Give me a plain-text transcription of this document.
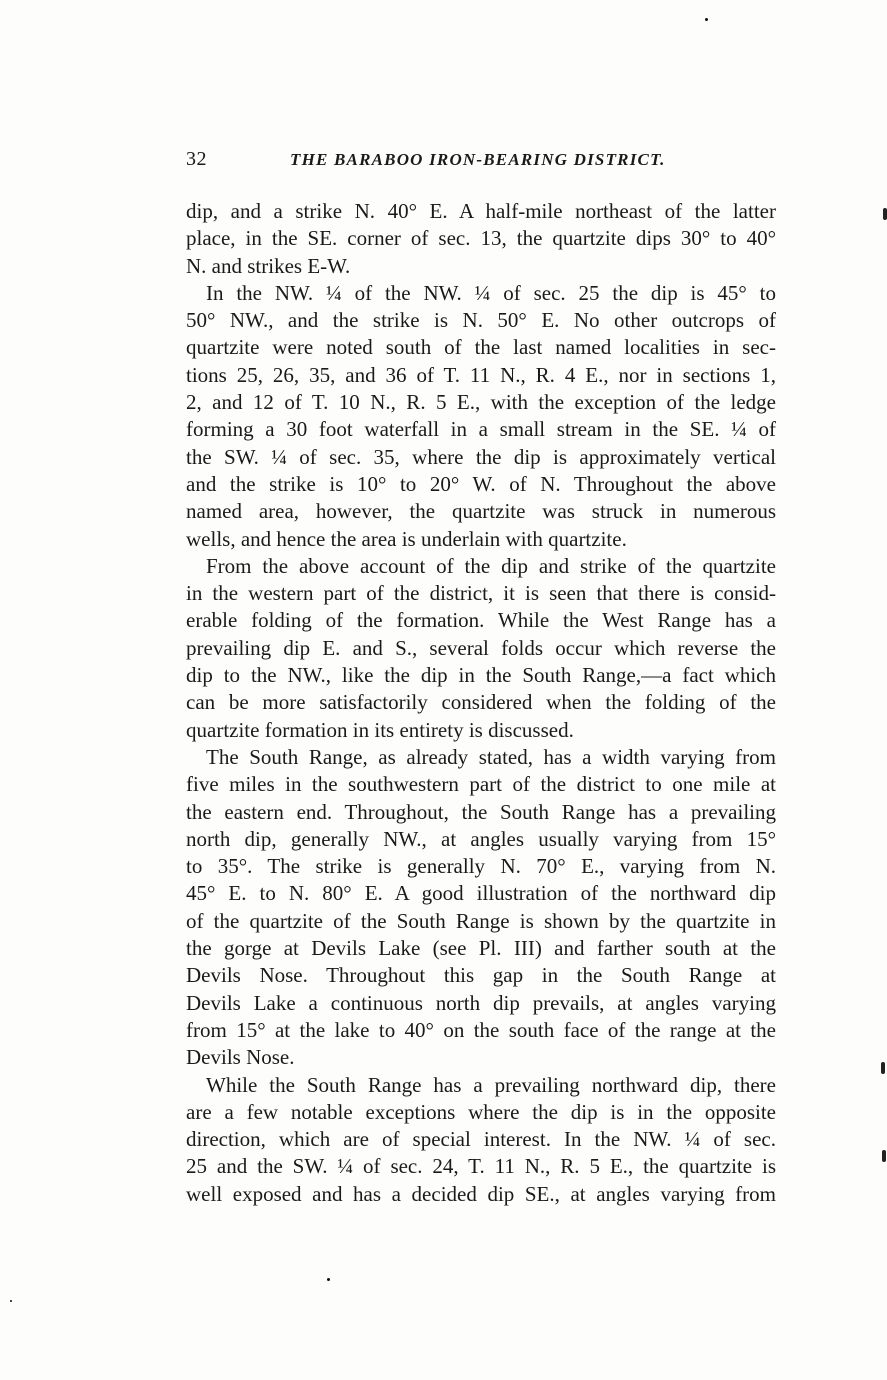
32	THE BARABOO IRON-BEARING DISTRICT.
dip, and a strike N. 40° E. A half-mile northeast of the latter
place, in the SE. corner of sec. 13, the quartzite dips 30° to 40°
N. and strikes E-W.
In the NW. ¼ of the NW. ¼ of sec. 25 the dip is 45° to
50° NW., and the strike is N. 50° E. No other outcrops of
quartzite were noted south of the last named localities in sec-
tions 25, 26, 35, and 36 of T. 11 N., R. 4 E., nor in sections 1,
2, and 12 of T. 10 N., R. 5 E., with the exception of the ledge
forming a 30 foot waterfall in a small stream in the SE. ¼ of
the SW. ¼ of sec. 35, where the dip is approximately vertical
and the strike is 10° to 20° W. of N. Throughout the above
named area, however, the quartzite was struck in numerous
wells, and hence the area is underlain with quartzite.
From the above account of the dip and strike of the quartzite
in the western part of the district, it is seen that there is consid-
erable folding of the formation. While the West Range has a
prevailing dip E. and S., several folds occur which reverse the
dip to the NW., like the dip in the South Range,—a fact which
can be more satisfactorily considered when the folding of the
quartzite formation in its entirety is discussed.
The South Range, as already stated, has a width varying from
five miles in the southwestern part of the district to one mile at
the eastern end. Throughout, the South Range has a prevailing
north dip, generally NW., at angles usually varying from 15°
to 35°. The strike is generally N. 70° E., varying from N.
45° E. to N. 80° E. A good illustration of the northward dip
of the quartzite of the South Range is shown by the quartzite in
the gorge at Devils Lake (see Pl. III) and farther south at the
Devils Nose. Throughout this gap in the South Range at
Devils Lake a continuous north dip prevails, at angles varying
from 15° at the lake to 40° on the south face of the range at the
Devils Nose.
While the South Range has a prevailing northward dip, there
are a few notable exceptions where the dip is in the opposite
direction, which are of special interest. In the NW. ¼ of sec.
25 and the SW. ¼ of sec. 24, T. 11 N., R. 5 E., the quartzite is
well exposed and has a decided dip SE., at angles varying from
